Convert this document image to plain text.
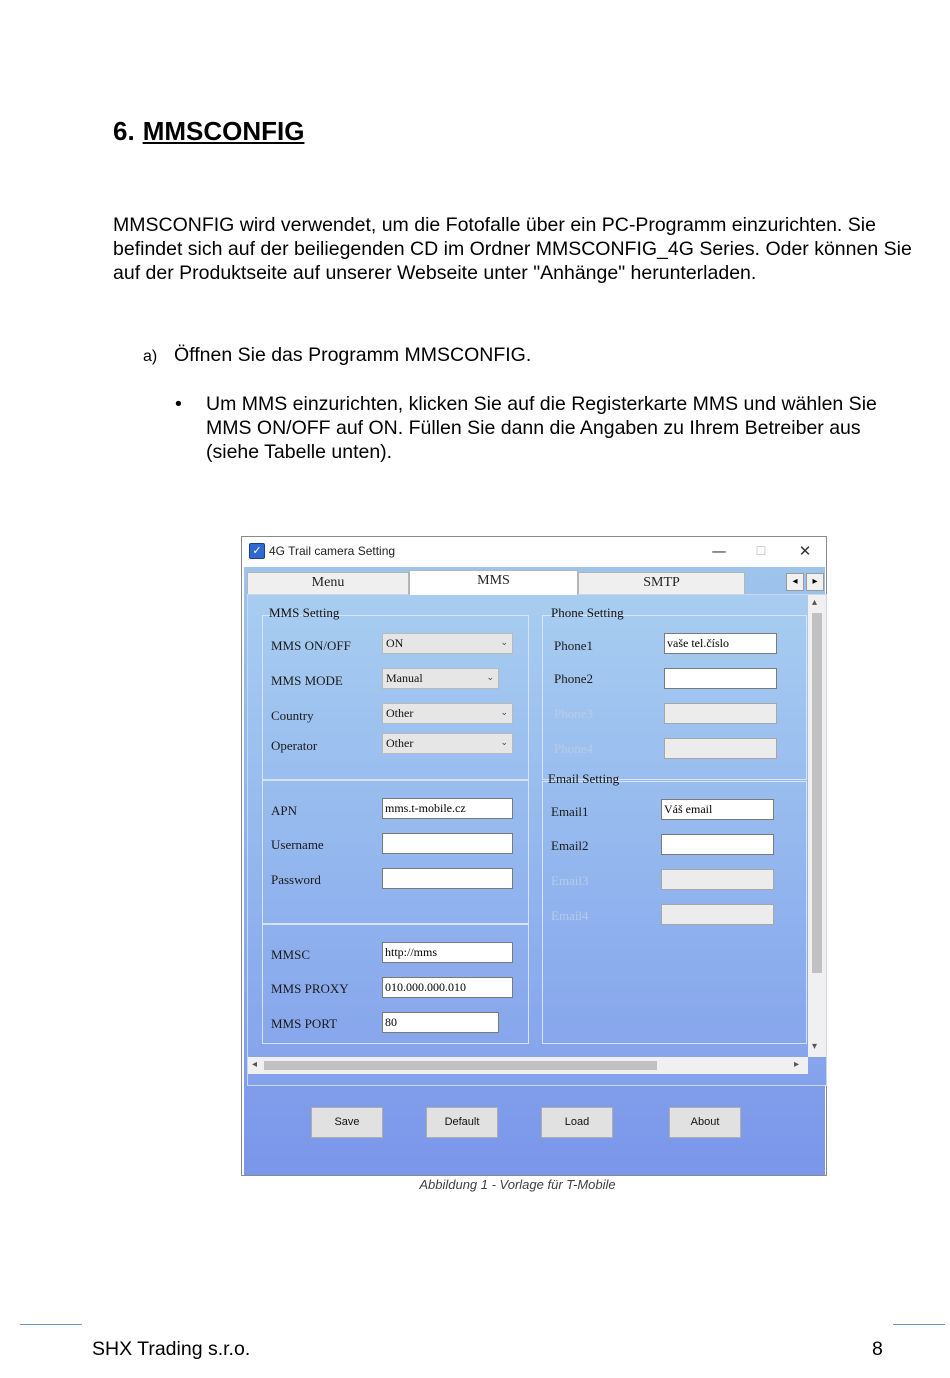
6. MMSCONFIG

MMSCONFIG wird verwendet, um die Fotofalle über ein PC-Programm einzurichten. Sie befindet sich auf der beiliegenden CD im Ordner MMSCONFIG_4G Series. Oder können Sie auf der Produktseite auf unserer Webseite unter "Anhänge" herunterladen.

a) Öffnen Sie das Programm MMSCONFIG.
• Um MMS einzurichten, klicken Sie auf die Registerkarte MMS und wählen Sie MMS ON/OFF auf ON. Füllen Sie dann die Angaben zu Ihrem Betreiber aus (siehe Tabelle unten).
✓ 4G Trail camera Setting	—	☐	✕
Menu	MMS	SMTP	◂	▸
MMS Setting
MMS ON/OFF	ON	⌄
MMS MODE	Manual	⌄
Country	Other	⌄
Operator	Other	⌄
APN	mms.t-mobile.cz
Username
Password
MMSC	http://mms
MMS PROXY	010.000.000.010
MMS PORT	80
Phone Setting
Phone1	vaše tel.číslo
Phone2
Phone3
Phone4
Email Setting
Email1	Váš email
Email2
Email3
Email4
▴
▾
◂	▸
Save	Default	Load	About
Abbildung 1 - Vorlage für T-Mobile
SHX Trading s.r.o.	8
